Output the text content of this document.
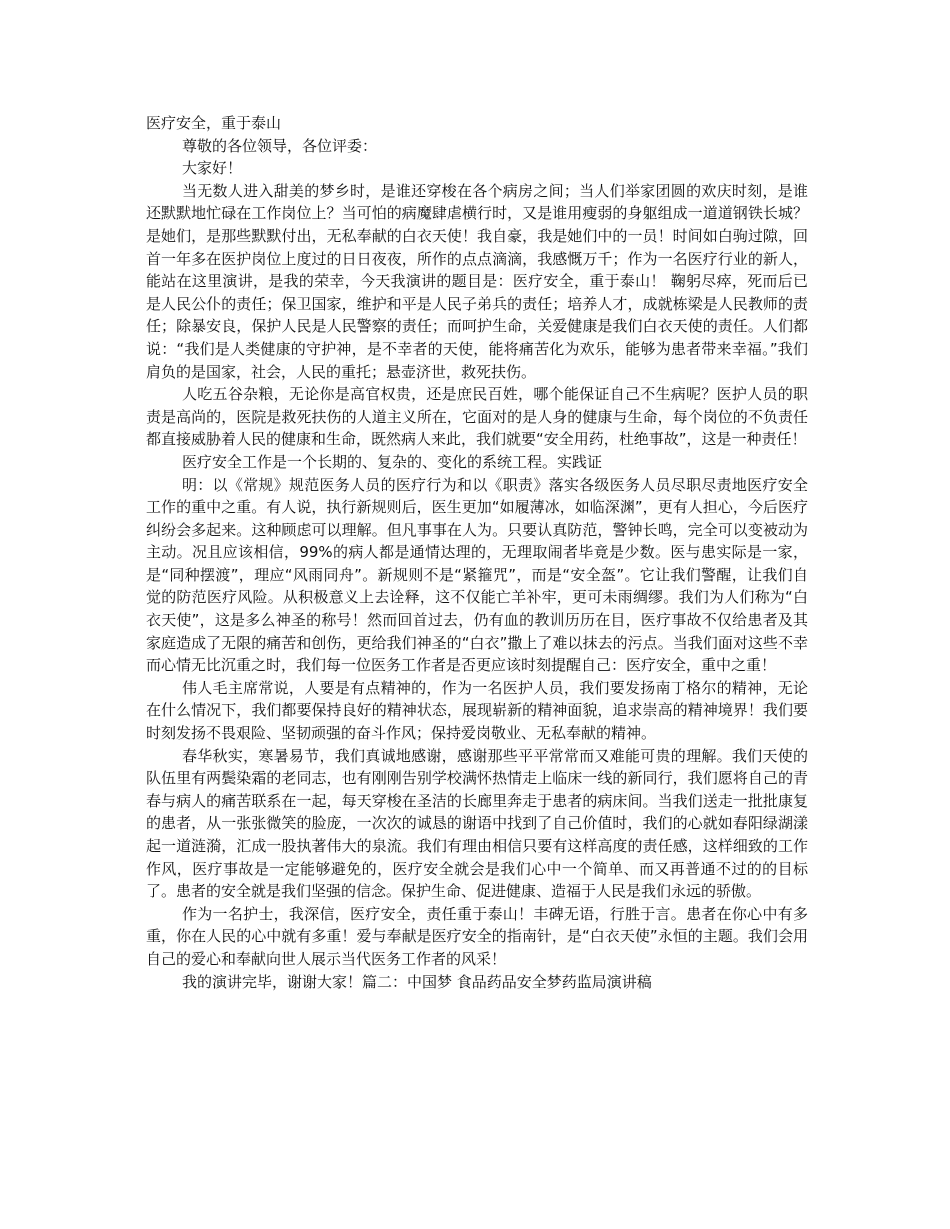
医疗安全，重于泰山
尊敬的各位领导，各位评委：
大家好！
当无数人进入甜美的梦乡时，是谁还穿梭在各个病房之间；当人们举家团圆的欢庆时刻，是谁还默默地忙碌在工作岗位上？当可怕的病魔肆虐横行时，又是谁用瘦弱的身躯组成一道道钢铁长城？是她们，是那些默默付出，无私奉献的白衣天使！我自豪，我是她们中的一员！时间如白驹过隙，回首一年多在医护岗位上度过的日日夜夜，所作的点点滴滴，我感慨万千；作为一名医疗行业的新人，能站在这里演讲，是我的荣幸，今天我演讲的题目是：医疗安全，重于泰山！ 鞠躬尽瘁，死而后已是人民公仆的责任；保卫国家，维护和平是人民子弟兵的责任；培养人才，成就栋梁是人民教师的责任；除暴安良，保护人民是人民警察的责任；而呵护生命，关爱健康是我们白衣天使的责任。人们都说：“我们是人类健康的守护神，是不幸者的天使，能将痛苦化为欢乐，能够为患者带来幸福。”我们肩负的是国家，社会，人民的重托；悬壶济世，救死扶伤。
人吃五谷杂粮，无论你是高官权贵，还是庶民百姓，哪个能保证自己不生病呢？医护人员的职责是高尚的，医院是救死扶伤的人道主义所在，它面对的是人身的健康与生命，每个岗位的不负责任都直接威胁着人民的健康和生命，既然病人来此，我们就要“安全用药，杜绝事故”，这是一种责任！
医疗安全工作是一个长期的、复杂的、变化的系统工程。实践证
明：以《常规》规范医务人员的医疗行为和以《职责》落实各级医务人员尽职尽责地医疗安全工作的重中之重。有人说，执行新规则后，医生更加“如履薄冰，如临深渊”，更有人担心，今后医疗纠纷会多起来。这种顾虑可以理解。但凡事事在人为。只要认真防范，警钟长鸣，完全可以变被动为主动。况且应该相信，99%的病人都是通情达理的，无理取闹者毕竟是少数。医与患实际是一家，是“同种摆渡”，理应“风雨同舟”。新规则不是“紧箍咒”，而是“安全盔”。它让我们警醒，让我们自觉的防范医疗风险。从积极意义上去诠释，这不仅能亡羊补牢，更可未雨绸缪。我们为人们称为“白衣天使”，这是多么神圣的称号！然而回首过去，仍有血的教训历历在目，医疗事故不仅给患者及其家庭造成了无限的痛苦和创伤，更给我们神圣的“白衣”撒上了难以抹去的污点。当我们面对这些不幸而心情无比沉重之时，我们每一位医务工作者是否更应该时刻提醒自己：医疗安全，重中之重！
伟人毛主席常说，人要是有点精神的，作为一名医护人员，我们要发扬南丁格尔的精神，无论在什么情况下，我们都要保持良好的精神状态，展现崭新的精神面貌，追求崇高的精神境界！我们要时刻发扬不畏艰险、坚韧顽强的奋斗作风；保持爱岗敬业、无私奉献的精神。
春华秋实，寒暑易节，我们真诚地感谢，感谢那些平平常常而又难能可贵的理解。我们天使的队伍里有两鬓染霜的老同志，也有刚刚告别学校满怀热情走上临床一线的新同行，我们愿将自己的青春与病人的痛苦联系在一起，每天穿梭在圣洁的长廊里奔走于患者的病床间。当我们送走一批批康复的患者，从一张张微笑的脸庞，一次次的诚恳的谢语中找到了自己价值时，我们的心就如春阳绿湖漾起一道涟漪，汇成一股执著伟大的泉流。我们有理由相信只要有这样高度的责任感，这样细致的工作作风，医疗事故是一定能够避免的，医疗安全就会是我们心中一个简单、而又再普通不过的的目标了。患者的安全就是我们坚强的信念。保护生命、促进健康、造福于人民是我们永远的骄傲。
作为一名护士，我深信，医疗安全，责任重于泰山！丰碑无语，行胜于言。患者在你心中有多重，你在人民的心中就有多重！爱与奉献是医疗安全的指南针，是“白衣天使”永恒的主题。我们会用自己的爱心和奉献向世人展示当代医务工作者的风采！
我的演讲完毕，谢谢大家！篇二：中国梦 食品药品安全梦药监局演讲稿
